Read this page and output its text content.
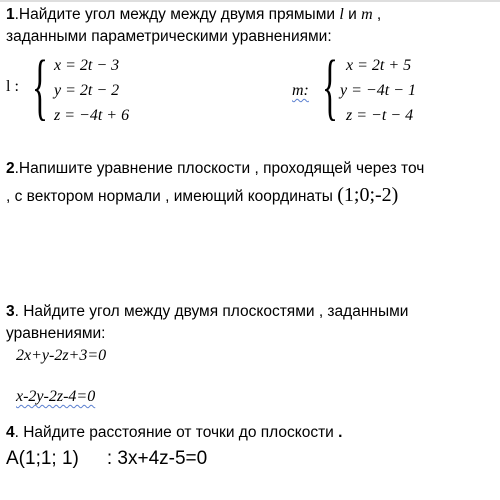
1.Найдите угол между между двумя прямыми l и m ,
заданными параметрическими уравнениями:
l : { x = 2t − 3
y = 2t − 2
z = −4t + 6
m: { x = 2t + 5
y = −4t − 1
z = −t − 4
2.Напишите уравнение плоскости , проходящей через точ
, с вектором нормали , имеющий координаты (1;0;-2)
3. Найдите угол между двумя плоскостями , заданными
уравнениями:
2x+y-2z+3=0
x-2y-2z-4=0
4. Найдите расстояние от точки до плоскости .
A(1;1; 1) : 3x+4z-5=0
